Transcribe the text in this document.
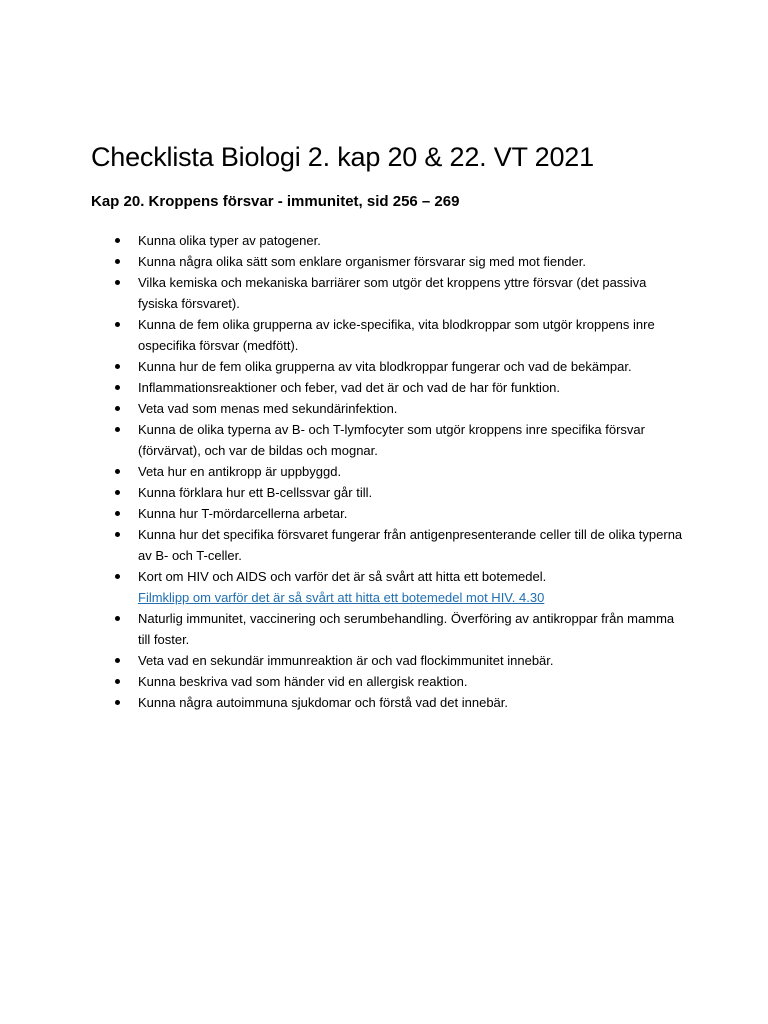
Checklista Biologi 2. kap 20 & 22. VT 2021
Kap 20. Kroppens försvar - immunitet, sid 256 – 269
Kunna olika typer av patogener.
Kunna några olika sätt som enklare organismer försvarar sig med mot fiender.
Vilka kemiska och mekaniska barriärer som utgör det kroppens yttre försvar (det passiva fysiska försvaret).
Kunna de fem olika grupperna av icke-specifika, vita blodkroppar som utgör kroppens inre ospecifika försvar (medfött).
Kunna hur de fem olika grupperna av vita blodkroppar fungerar och vad de bekämpar.
Inflammationsreaktioner och feber, vad det är och vad de har för funktion.
Veta vad som menas med sekundärinfektion.
Kunna de olika typerna av B- och T-lymfocyter som utgör kroppens inre specifika försvar (förvärvat), och var de bildas och mognar.
Veta hur en antikropp är uppbyggd.
Kunna förklara hur ett B-cellssvar går till.
Kunna hur T-mördarcellerna arbetar.
Kunna hur det specifika försvaret fungerar från antigenpresenterande celler till de olika typerna av B- och T-celler.
Kort om HIV och AIDS och varför det är så svårt att hitta ett botemedel.
Filmklipp om varför det är så svårt att hitta ett botemedel mot HIV. 4.30
Naturlig immunitet, vaccinering och serumbehandling. Överföring av antikroppar från mamma till foster.
Veta vad en sekundär immunreaktion är och vad flockimmunitet innebär.
Kunna beskriva vad som händer vid en allergisk reaktion.
Kunna några autoimmuna sjukdomar och förstå vad det innebär.
